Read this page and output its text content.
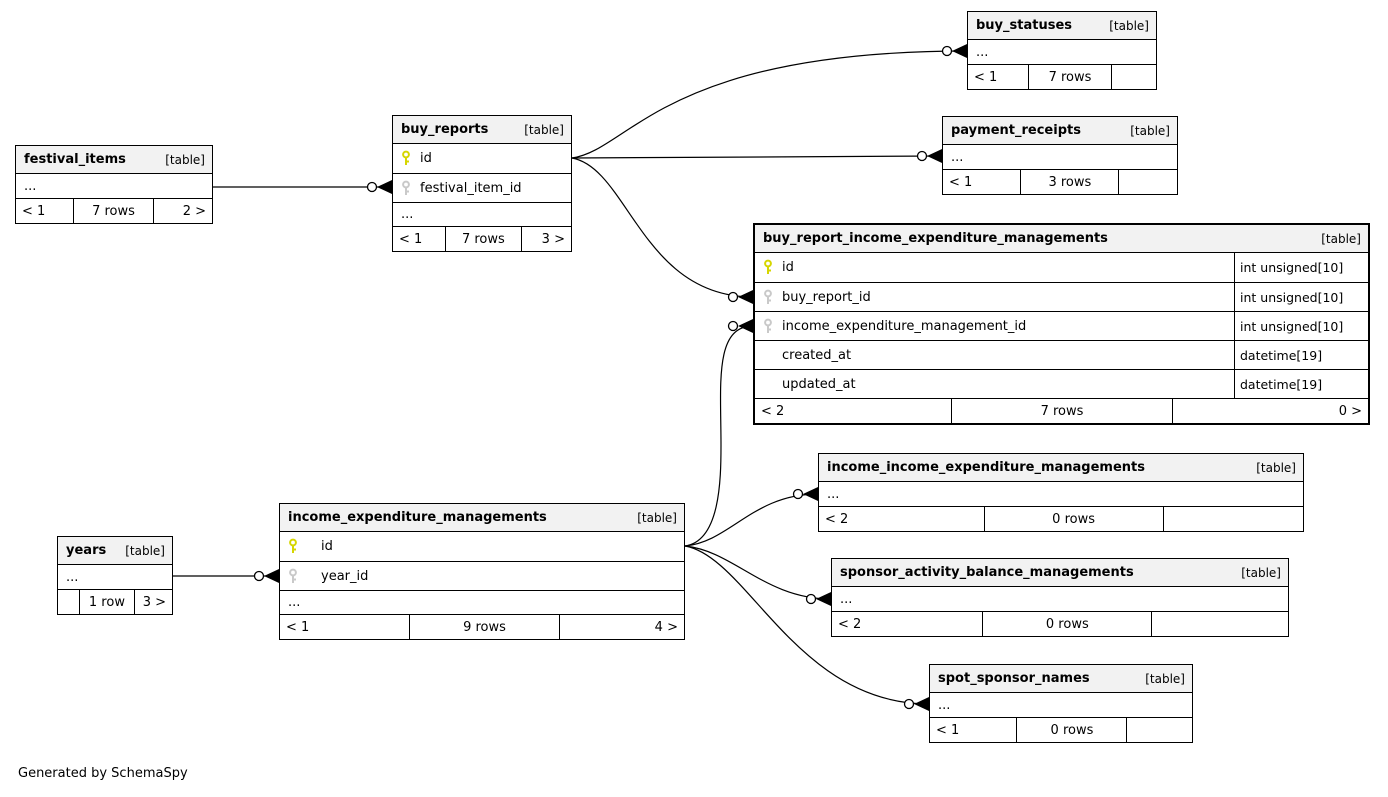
festival_items	[table]
...
< 1	7 rows	2 >
buy_reports	[table]
id
festival_item_id
...
< 1	7 rows	3 >
buy_statuses	[table]
...
< 1	7 rows
payment_receipts	[table]
...
< 1	3 rows
buy_report_income_expenditure_managements	[table]
id	int unsigned[10]
buy_report_id	int unsigned[10]
income_expenditure_management_id	int unsigned[10]
created_at	datetime[19]
updated_at	datetime[19]
< 2	7 rows	0 >
income_income_expenditure_managements	[table]
...
< 2	0 rows
sponsor_activity_balance_managements	[table]
...
< 2	0 rows
spot_sponsor_names	[table]
...
< 1	0 rows
income_expenditure_managements	[table]
id
year_id
...
< 1	9 rows	4 >
years [table]
...
1 row	3 >
Generated by SchemaSpy
